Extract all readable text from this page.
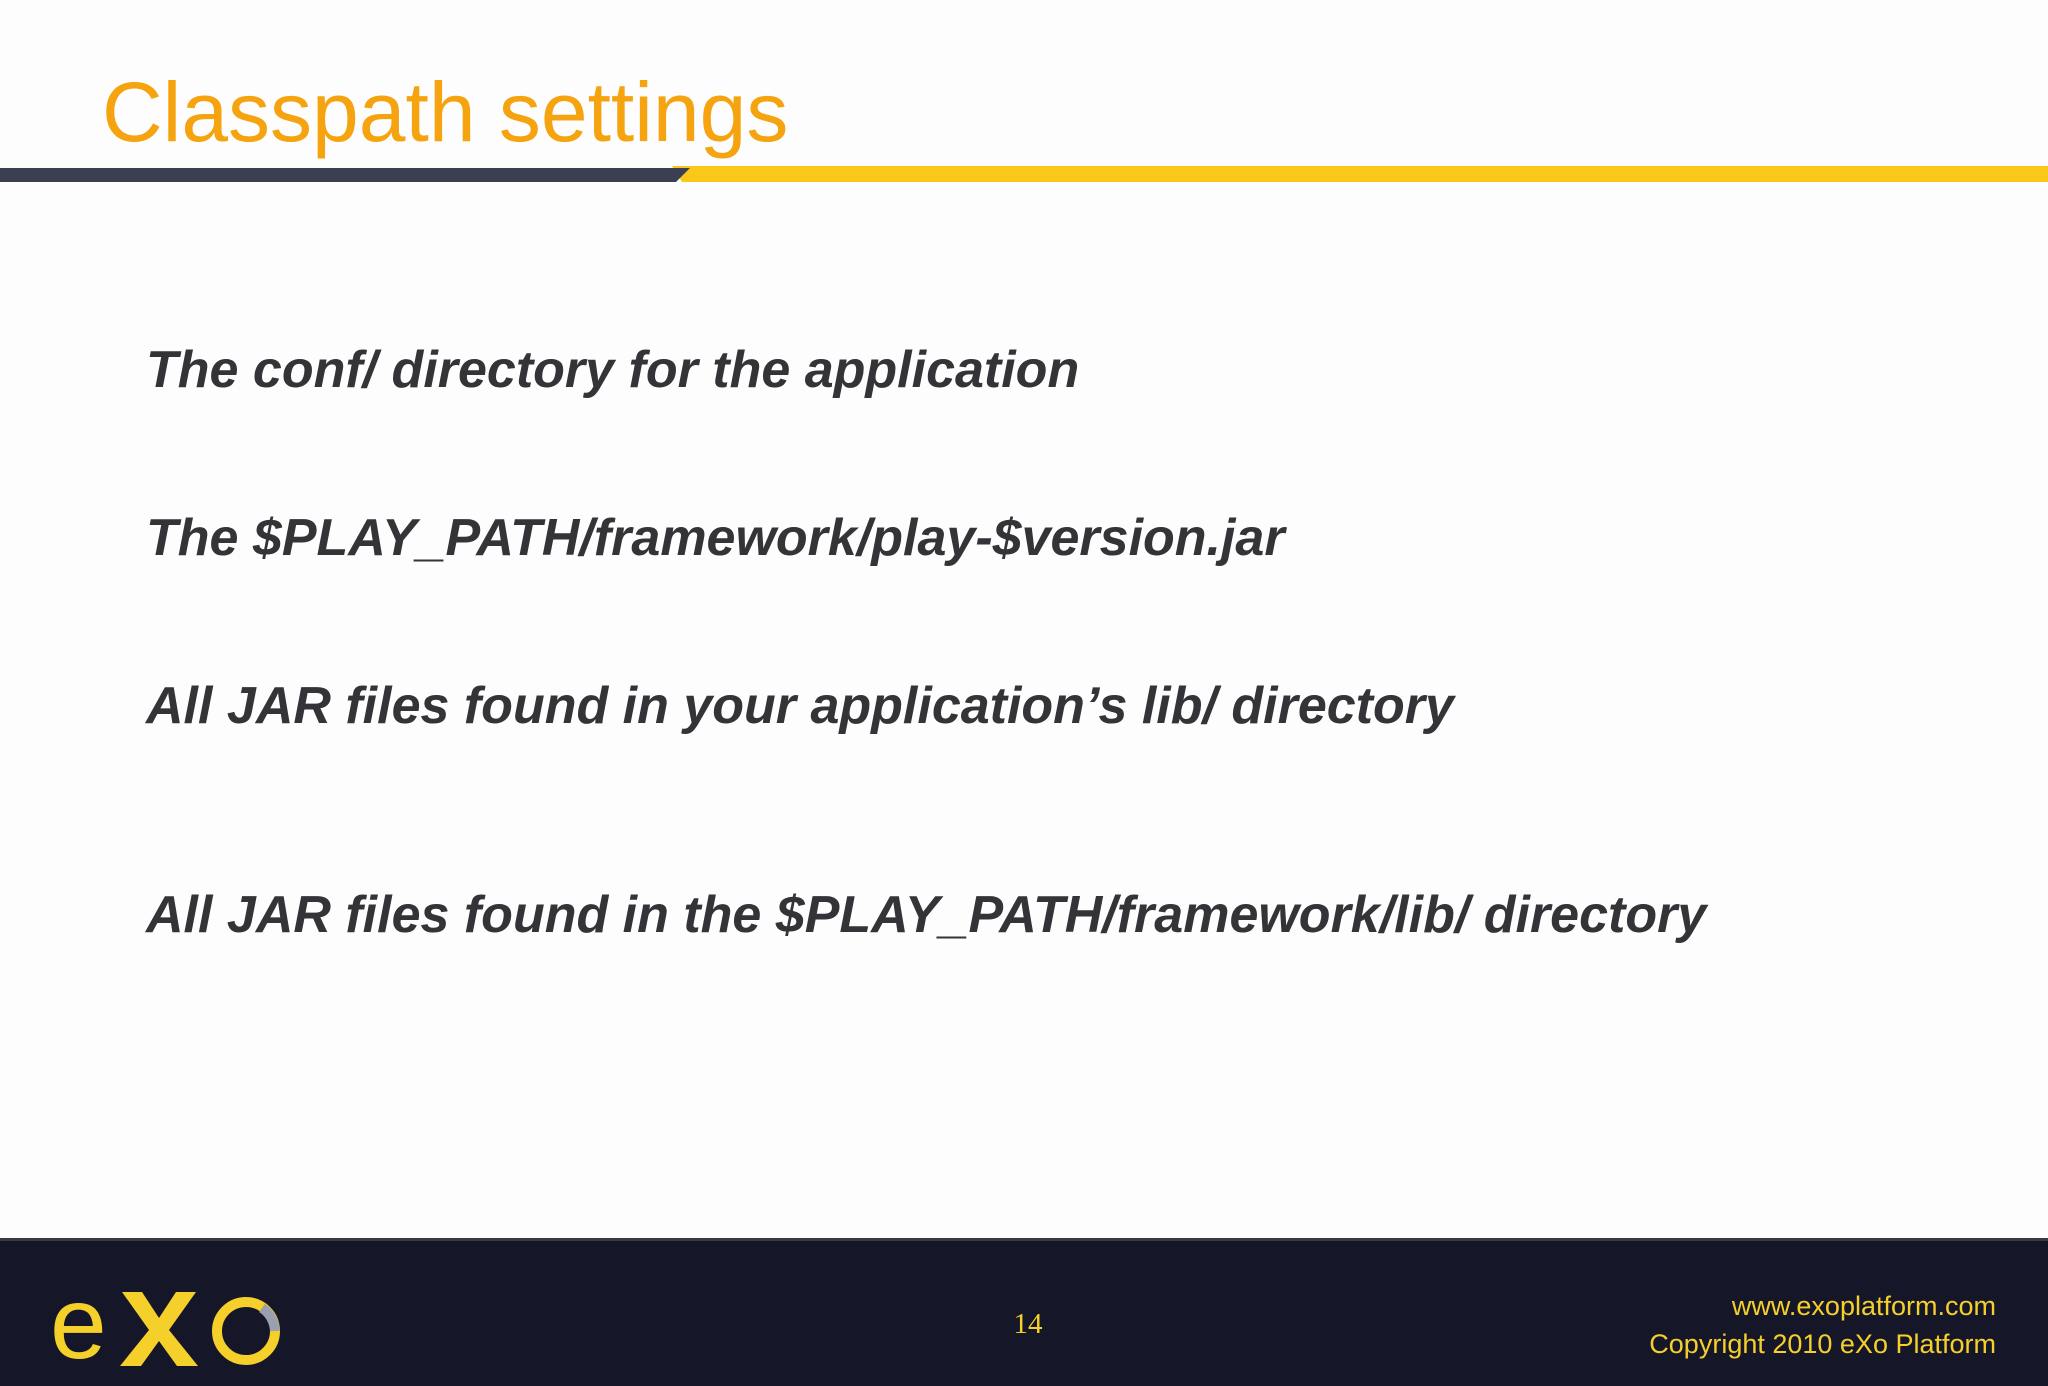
Classpath settings
The conf/ directory for the application
The $PLAY_PATH/framework/play-$version.jar
All JAR files found in your application’s lib/ directory
All JAR files found in the $PLAY_PATH/framework/lib/ directory
e	14
www.exoplatform.com
Copyright 2010 eXo Platform
